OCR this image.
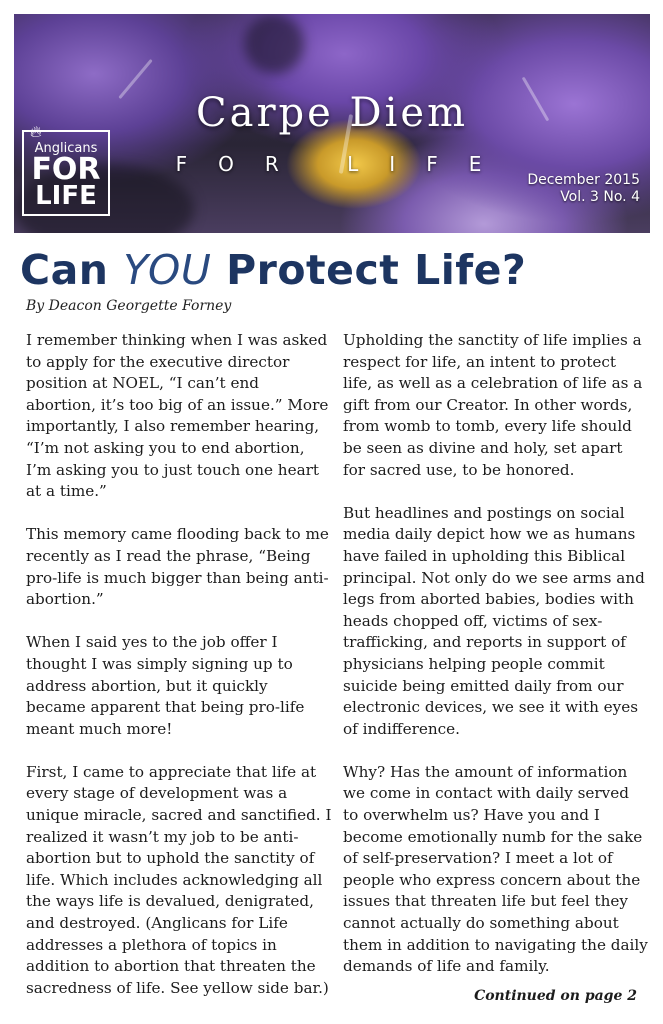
Carpe Diem
FOR LIFE
🔥︎
Anglicans
FOR
LIFE
December 2015
Vol. 3 No. 4
Can YOU Protect Life?
By Deacon Georgette Forney

I remember thinking when I was asked to apply for the executive director position at NOEL, “I can’t end abortion, it’s too big of an issue.” More importantly, I also remember hearing, “I’m not asking you to end abortion, I’m asking you to just touch one heart at a time.”

This memory came flooding back to me recently as I read the phrase, “Being pro-life is much bigger than being anti-abortion.”

When I said yes to the job offer I thought I was simply signing up to address abortion, but it quickly became apparent that being pro-life meant much more!

First, I came to appreciate that life at every stage of development was a unique miracle, sacred and sanctified. I realized it wasn’t my job to be anti-abortion but to uphold the sanctity of life. Which includes acknowledging all the ways life is devalued, denigrated, and destroyed. (Anglicans for Life addresses a plethora of topics in addition to abortion that threaten the sacredness of life. See yellow side bar.)

Upholding the sanctity of life implies a respect for life, an intent to protect life, as well as a celebration of life as a gift from our Creator. In other words, from womb to tomb, every life should be seen as divine and holy, set apart for sacred use, to be honored.

But headlines and postings on social media daily depict how we as humans have failed in upholding this Biblical principal. Not only do we see arms and legs from aborted babies, bodies with heads chopped off, victims of sex-trafficking, and reports in support of physicians helping people commit suicide being emitted daily from our electronic devices, we see it with eyes of indifference.

Why? Has the amount of information we come in contact with daily served to overwhelm us? Have you and I become emotionally numb for the sake of self-preservation? I meet a lot of people who express concern about the issues that threaten life but feel they cannot actually do something about them in addition to navigating the daily demands of life and family.

Continued on page 2
